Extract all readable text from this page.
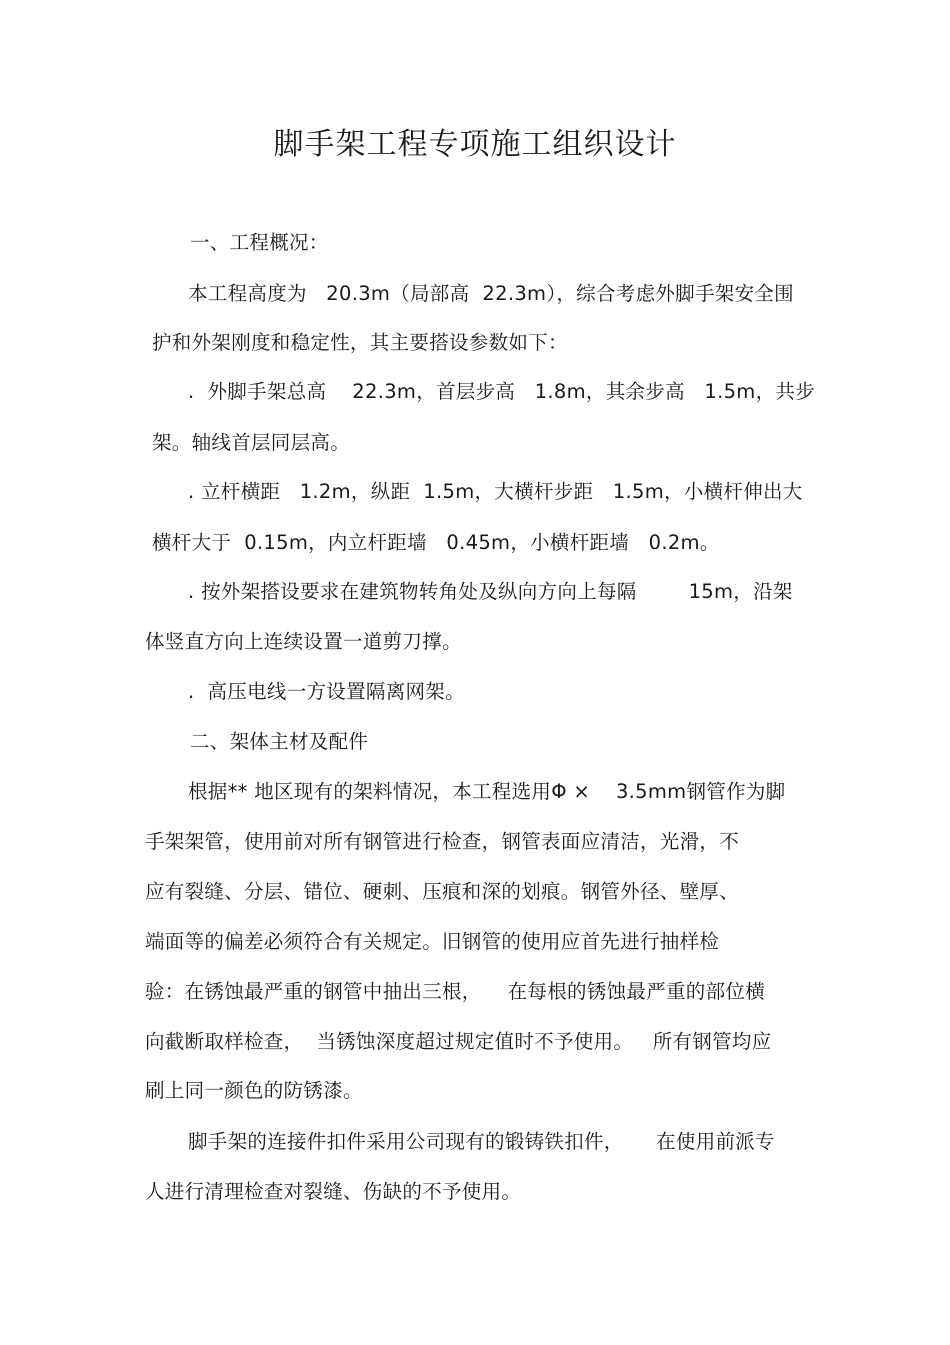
脚手架工程专项施工组织设计
一、工程概况：
本工程高度为   20.3m（局部高  22.3m），综合考虑外脚手架安全围
护和外架刚度和稳定性，其主要搭设参数如下：
.  外脚手架总高    22.3m，首层步高   1.8m，其余步高   1.5m，共步
架。轴线首层同层高。
. 立杆横距   1.2m，纵距  1.5m，大横杆步距   1.5m，小横杆伸出大
横杆大于  0.15m，内立杆距墙   0.45m，小横杆距墙   0.2m。
. 按外架搭设要求在建筑物转角处及纵向方向上每隔        15m，沿架
体竖直方向上连续设置一道剪刀撑。
.  高压电线一方设置隔离网架。
二、架体主材及配件
根据** 地区现有的架料情况，本工程选用Φ ×    3.5mm钢管作为脚
手架架管，使用前对所有钢管进行检查，钢管表面应清洁，光滑，不
应有裂缝、分层、错位、硬刺、压痕和深的划痕。钢管外径、壁厚、
端面等的偏差必须符合有关规定。旧钢管的使用应首先进行抽样检
验：在锈蚀最严重的钢管中抽出三根，    在每根的锈蚀最严重的部位横
向截断取样检查，  当锈蚀深度超过规定值时不予使用。   所有钢管均应
刷上同一颜色的防锈漆。
脚手架的连接件扣件采用公司现有的锻铸铁扣件，     在使用前派专
人进行清理检查对裂缝、伤缺的不予使用。
